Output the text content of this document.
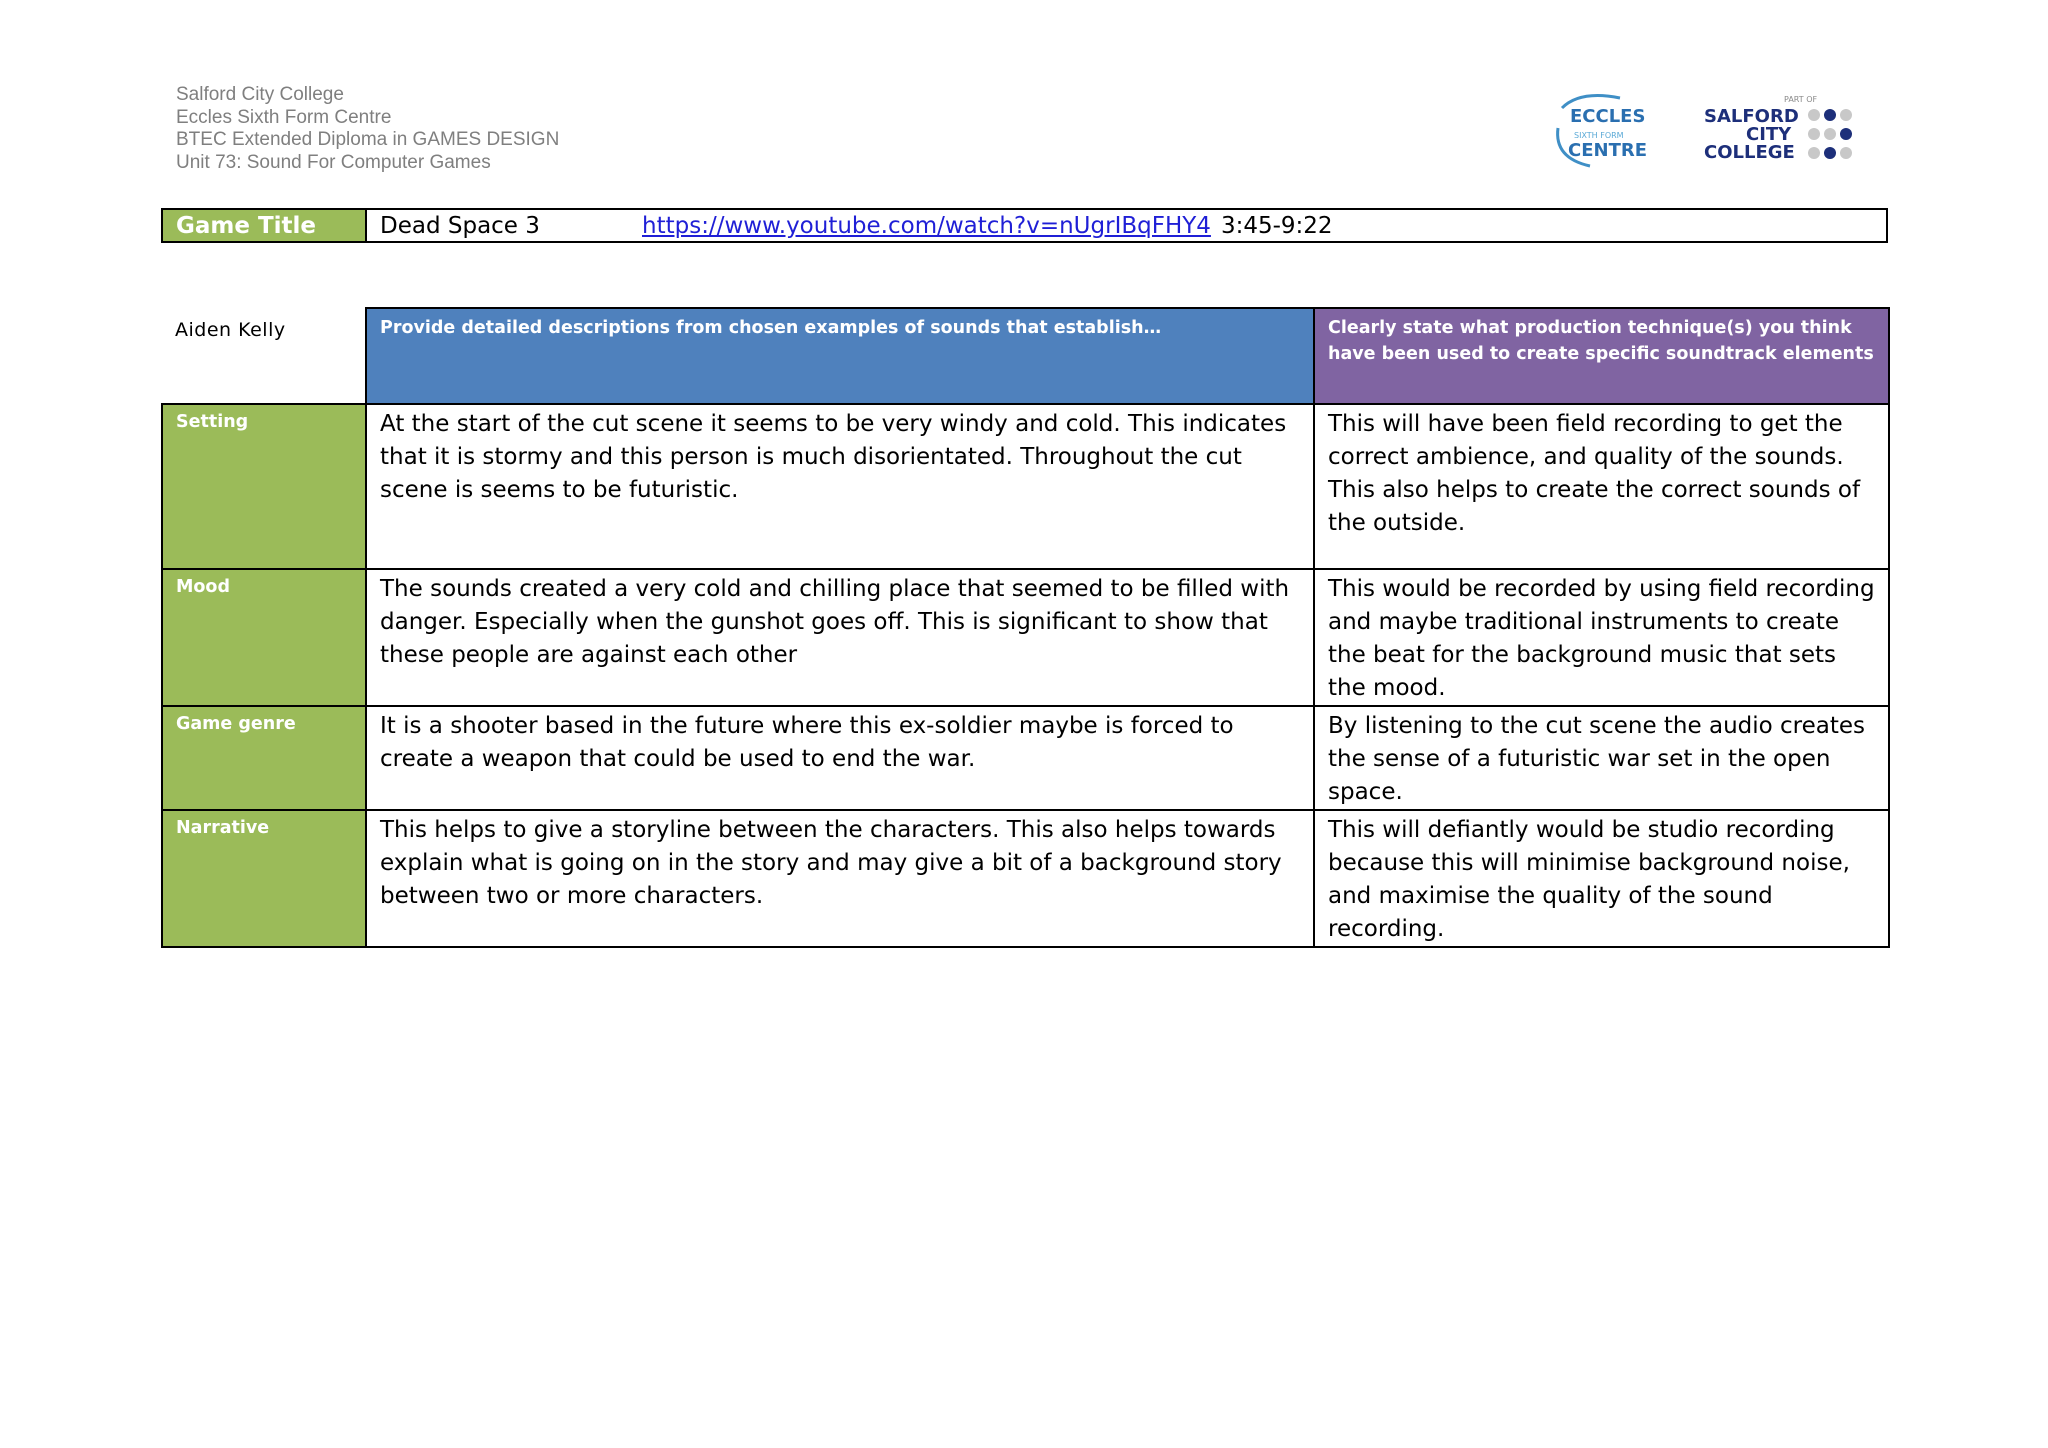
Salford City College
Eccles Sixth Form Centre
BTEC Extended Diploma in GAMES DESIGN
Unit 73: Sound For Computer Games
ECCLES
SIXTH FORM
CENTRE
PART OF
SALFORD
CITY
COLLEGE
Game Title	Dead Space 3	https://www.youtube.com/watch?v=nUgrIBqFHY4 3:45-9:22
Aiden Kelly	Provide detailed descriptions from chosen examples of sounds that establish…	Clearly state what production technique(s) you think have been used to create specific soundtrack elements
Setting	At the start of the cut scene it seems to be very windy and cold. This indicates that it is stormy and this person is much disorientated. Throughout the cut scene is seems to be futuristic.	This will have been field recording to get the correct ambience, and quality of the sounds. This also helps to create the correct sounds of the outside.
Mood	The sounds created a very cold and chilling place that seemed to be filled with danger. Especially when the gunshot goes off. This is significant to show that these people are against each other	This would be recorded by using field recording and maybe traditional instruments to create the beat for the background music that sets the mood.
Game genre	It is a shooter based in the future where this ex-soldier maybe is forced to create a weapon that could be used to end the war.	By listening to the cut scene the audio creates the sense of a futuristic war set in the open space.
Narrative	This helps to give a storyline between the characters. This also helps towards explain what is going on in the story and may give a bit of a background story between two or more characters.	This will defiantly would be studio recording because this will minimise background noise, and maximise the quality of the sound recording.
